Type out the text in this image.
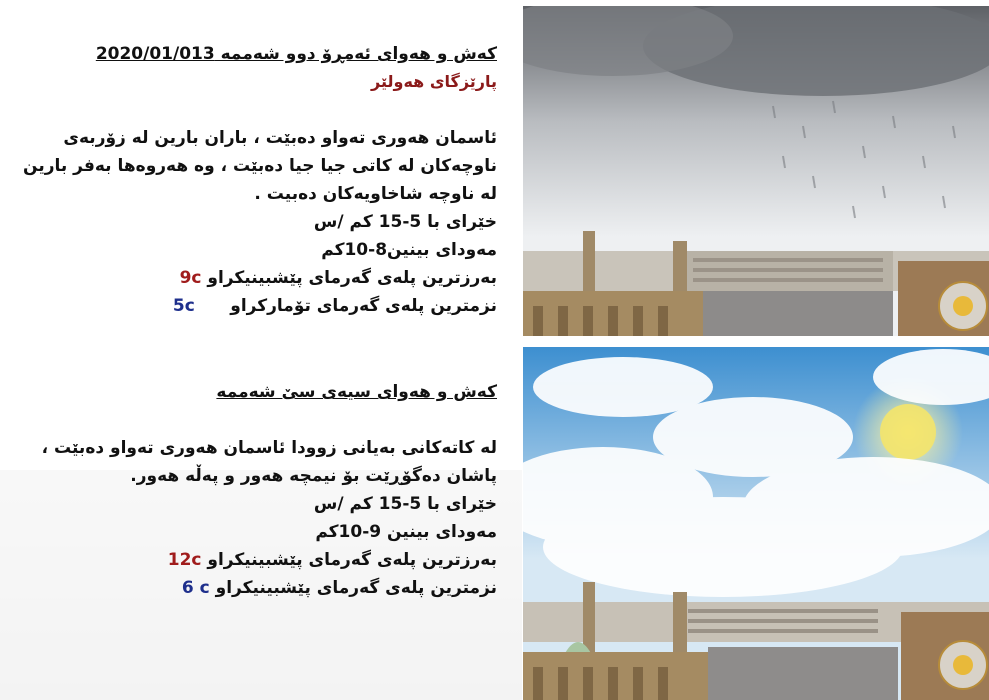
كەش و هەوای ئەمڕۆ دوو شەممە 2020/01/013
پارێزگای هەولێر
ئاسمان هەوری تەواو دەبێت ، باران بارین لە زۆربەی
ناوچەکان لە کاتی جیا جیا دەبێت ، وە هەروەها بەفر بارین
لە ناوچە شاخاویەکان دەبیت .
خێرای با 5-15 کم /س
مەودای بینین8-10کم
بەرزترین پلەی گەرمای پێشبینیکراو 9c
نزمترین پلەی گەرمای تۆمارکراو      5c
كەش و هەوای سیەی سێ شەممە
لە کاتەکانی بەیانی زوودا ئاسمان هەوری تەواو دەبێت ،
پاشان دەگۆڕێت بۆ نیمچە هەور و پەڵە هەور.
خێرای با 5-15 کم /س
مەودای بینین 9-10کم
بەرزترین پلەی گەرمای پێشبینیکراو 12c
نزمترین پلەی گەرمای پێشبینیکراو 6 c
